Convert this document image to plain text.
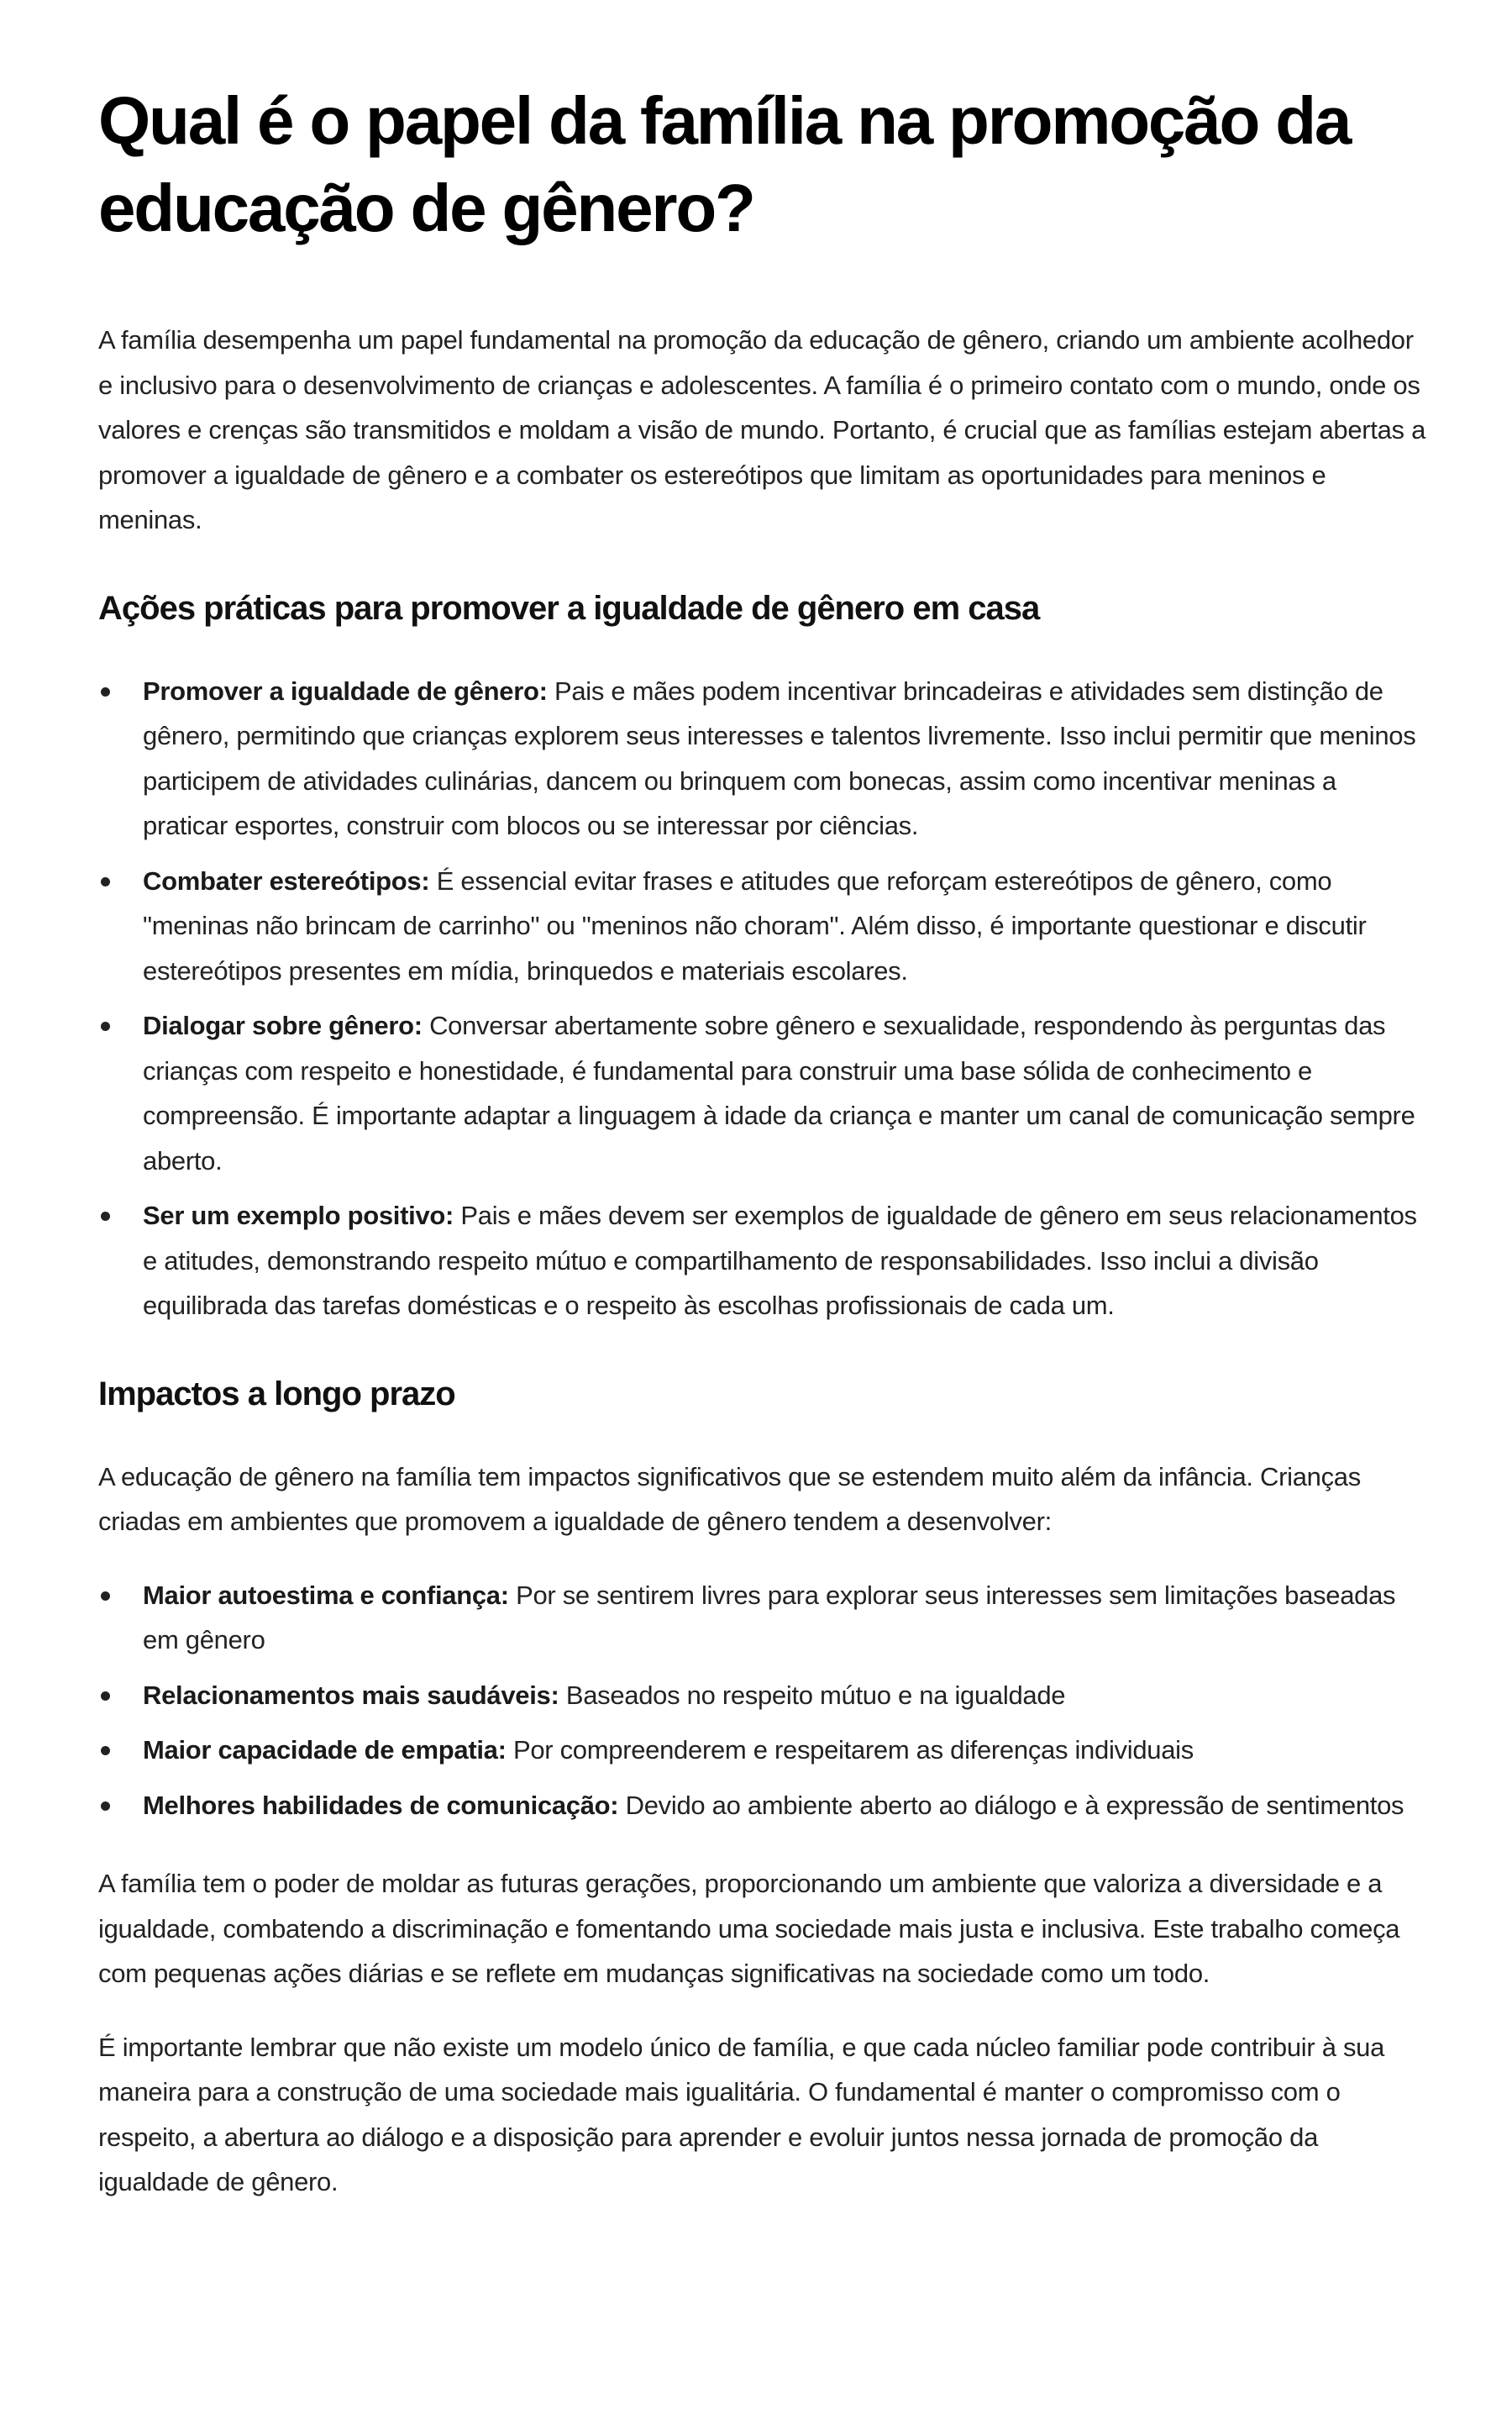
Qual é o papel da família na promoção da educação de gênero?

A família desempenha um papel fundamental na promoção da educação de gênero, criando um ambiente acolhedor e inclusivo para o desenvolvimento de crianças e adolescentes. A família é o primeiro contato com o mundo, onde os valores e crenças são transmitidos e moldam a visão de mundo. Portanto, é crucial que as famílias estejam abertas a promover a igualdade de gênero e a combater os estereótipos que limitam as oportunidades para meninos e meninas.

Ações práticas para promover a igualdade de gênero em casa
Promover a igualdade de gênero: Pais e mães podem incentivar brincadeiras e atividades sem distinção de gênero, permitindo que crianças explorem seus interesses e talentos livremente. Isso inclui permitir que meninos participem de atividades culinárias, dancem ou brinquem com bonecas, assim como incentivar meninas a praticar esportes, construir com blocos ou se interessar por ciências.
Combater estereótipos: É essencial evitar frases e atitudes que reforçam estereótipos de gênero, como "meninas não brincam de carrinho" ou "meninos não choram". Além disso, é importante questionar e discutir estereótipos presentes em mídia, brinquedos e materiais escolares.
Dialogar sobre gênero: Conversar abertamente sobre gênero e sexualidade, respondendo às perguntas das crianças com respeito e honestidade, é fundamental para construir uma base sólida de conhecimento e compreensão. É importante adaptar a linguagem à idade da criança e manter um canal de comunicação sempre aberto.
Ser um exemplo positivo: Pais e mães devem ser exemplos de igualdade de gênero em seus relacionamentos e atitudes, demonstrando respeito mútuo e compartilhamento de responsabilidades. Isso inclui a divisão equilibrada das tarefas domésticas e o respeito às escolhas profissionais de cada um.
Impactos a longo prazo

A educação de gênero na família tem impactos significativos que se estendem muito além da infância. Crianças criadas em ambientes que promovem a igualdade de gênero tendem a desenvolver:

Maior autoestima e confiança: Por se sentirem livres para explorar seus interesses sem limitações baseadas em gênero
Relacionamentos mais saudáveis: Baseados no respeito mútuo e na igualdade
Maior capacidade de empatia: Por compreenderem e respeitarem as diferenças individuais
Melhores habilidades de comunicação: Devido ao ambiente aberto ao diálogo e à expressão de sentimentos

A família tem o poder de moldar as futuras gerações, proporcionando um ambiente que valoriza a diversidade e a igualdade, combatendo a discriminação e fomentando uma sociedade mais justa e inclusiva. Este trabalho começa com pequenas ações diárias e se reflete em mudanças significativas na sociedade como um todo.

É importante lembrar que não existe um modelo único de família, e que cada núcleo familiar pode contribuir à sua maneira para a construção de uma sociedade mais igualitária. O fundamental é manter o compromisso com o respeito, a abertura ao diálogo e a disposição para aprender e evoluir juntos nessa jornada de promoção da igualdade de gênero.
